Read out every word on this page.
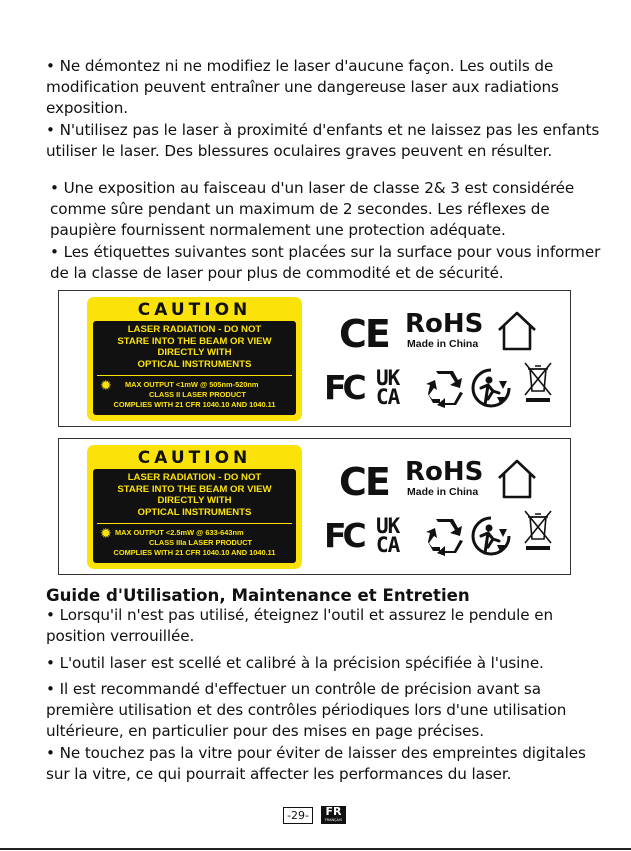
• Ne démontez ni ne modifiez le laser d'aucune façon. Les outils de modification peuvent entraîner une dangereuse laser aux radiations exposition.

• N'utilisez pas le laser à proximité d'enfants et ne laissez pas les enfants utiliser le laser. Des blessures oculaires graves peuvent en résulter.

• Une exposition au faisceau d'un laser de classe 2& 3 est considérée comme sûre pendant un maximum de 2 secondes. Les réflexes de paupière fournissent normalement une protection adéquate.

• Les étiquettes suivantes sont placées sur la surface pour vous informer de la classe de laser pour plus de commodité et de sécurité.

CAUTION
LASER RADIATION - DO NOT
STARE INTO THE BEAM OR VIEW
DIRECTLY WITH
OPTICAL INSTRUMENTS
✹	MAX OUTPUT <1mW @ 505nm-520nm
CLASS II LASER PRODUCT
COMPLIES WITH 21 CFR 1040.10 AND 1040.11
CE RoHS
Made in China
FC UK
CA
CAUTION
LASER RADIATION - DO NOT
STARE INTO THE BEAM OR VIEW
DIRECTLY WITH
OPTICAL INSTRUMENTS
✹ MAX OUTPUT <2.5mW @ 633-643nm
CLASS IIIa LASER PRODUCT
COMPLIES WITH 21 CFR 1040.10 AND 1040.11
CE RoHS
Made in China
FC UK
CA
Guide d'Utilisation, Maintenance et Entretien

• Lorsqu'il n'est pas utilisé, éteignez l'outil et assurez le pendule en position verrouillée.

• L'outil laser est scellé et calibré à la précision spécifiée à l'usine.

• Il est recommandé d'effectuer un contrôle de précision avant sa première utilisation et des contrôles périodiques lors d'une utilisation ultérieure, en particulier pour des mises en page précises.

• Ne touchez pas la vitre pour éviter de laisser des empreintes digitales sur la vitre, ce qui pourrait affecter les performances du laser.

-29-	FR
FRANÇAIS
